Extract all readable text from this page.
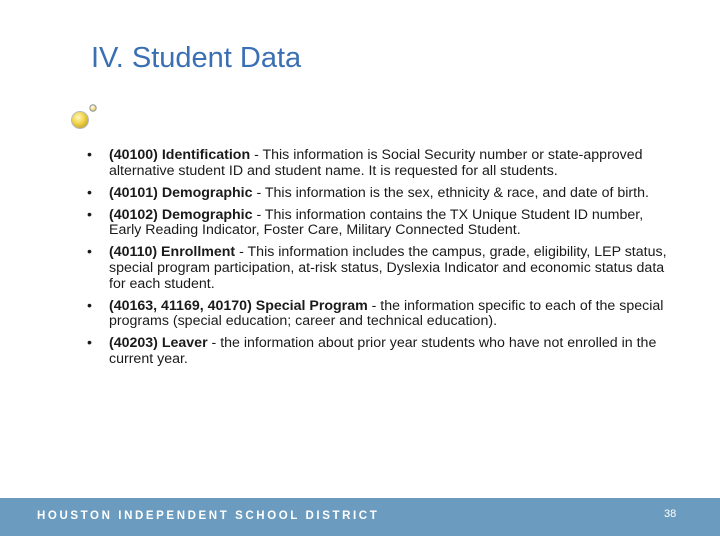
IV. Student Data
• (40100) Identification - This information is Social Security number or state-approved alternative student ID and student name. It is requested for all students.
• (40101) Demographic - This information is the sex, ethnicity & race, and date of birth.
• (40102) Demographic - This information contains the TX Unique Student ID number, Early Reading Indicator, Foster Care, Military Connected Student.
• (40110) Enrollment - This information includes the campus, grade, eligibility, LEP status, special program participation, at-risk status, Dyslexia Indicator and economic status data for each student.
• (40163, 41169, 40170) Special Program - the information specific to each of the special programs (special education; career and technical education).
• (40203) Leaver - the information about prior year students who have not enrolled in the current year.
HOUSTON INDEPENDENT SCHOOL DISTRICT	38
